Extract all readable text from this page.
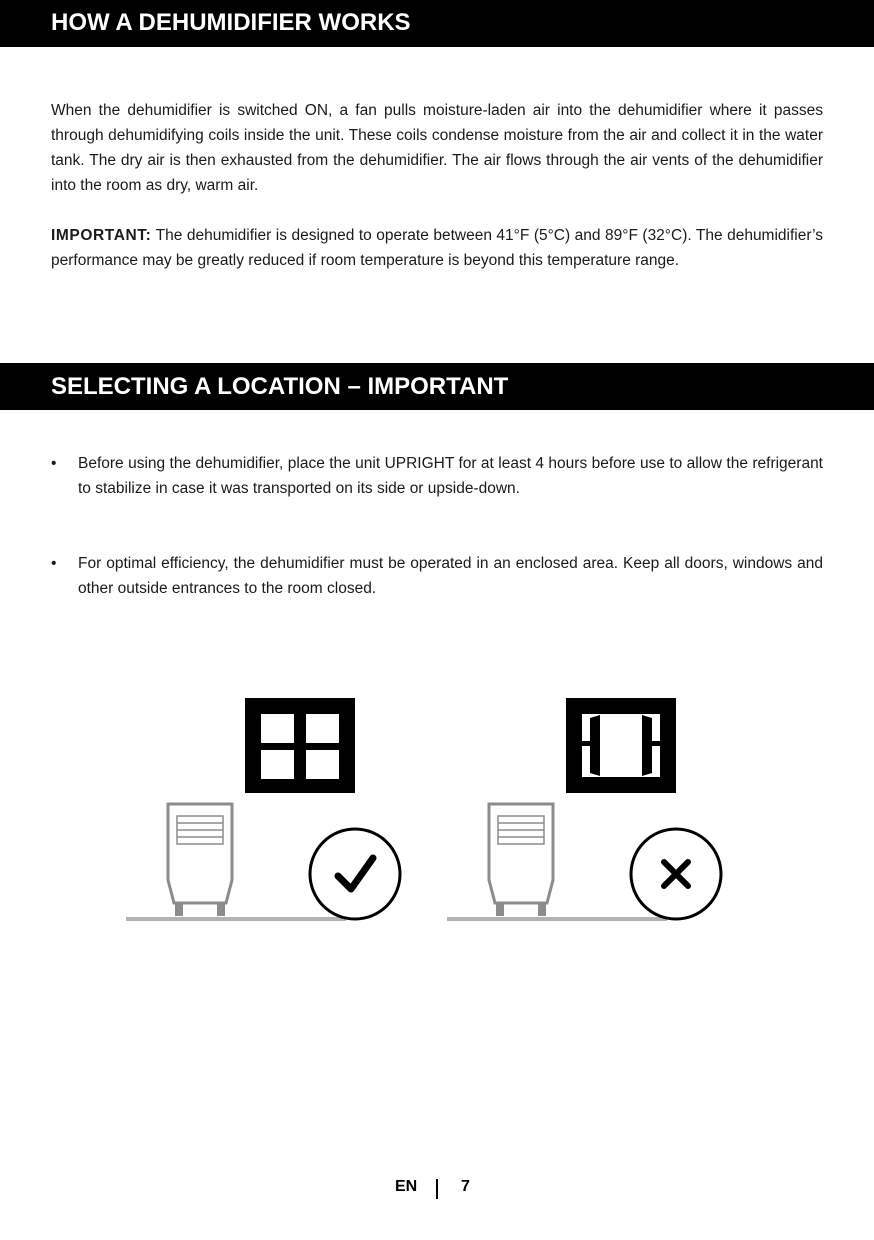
HOW A DEHUMIDIFIER WORKS

When the dehumidifier is switched ON, a fan pulls moisture-laden air into the dehumidifier where it passes through dehumidifying coils inside the unit. These coils condense moisture from the air and collect it in the water tank. The dry air is then exhausted from the dehumidifier. The air flows through the air vents of the dehumidifier into the room as dry, warm air.

IMPORTANT: The dehumidifier is designed to operate between 41°F (5°C) and 89°F (32°C). The dehumidifier’s performance may be greatly reduced if room temperature is beyond this temperature range.

SELECTING A LOCATION – IMPORTANT
• Before using the dehumidifier, place the unit UPRIGHT for at least 4 hours before use to allow the refrigerant to stabilize in case it was transported on its side or upside-down.
• For optimal efficiency, the dehumidifier must be operated in an enclosed area. Keep all doors, windows and other outside entrances to the room closed.
EN	7
